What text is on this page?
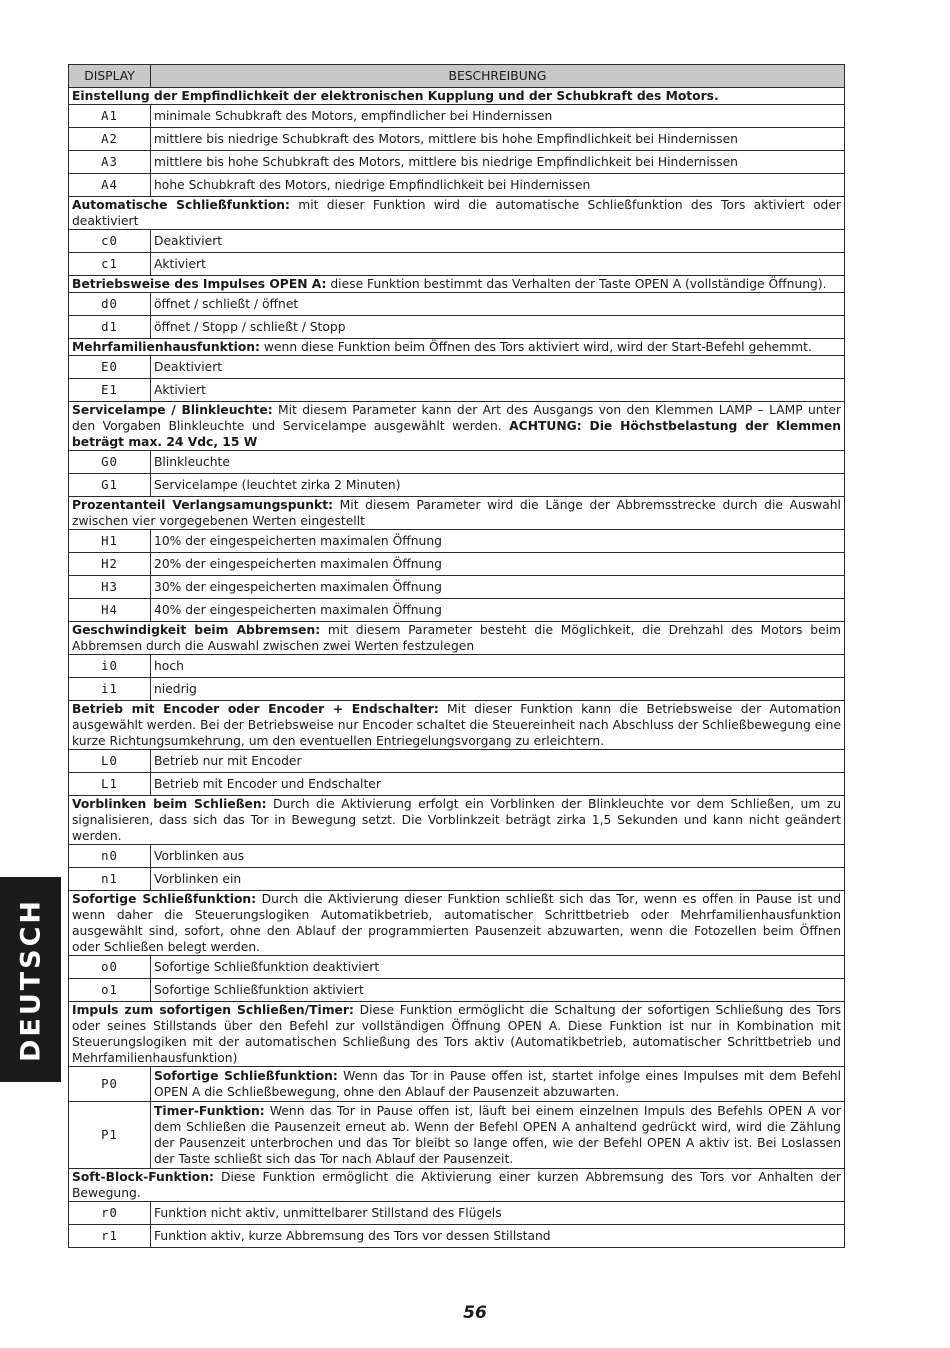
DEUTSCH
DISPLAY	BESCHREIBUNG
Einstellung der Empfindlichkeit der elektronischen Kupplung und der Schubkraft des Motors.	
A1	minimale Schubkraft des Motors, empfindlicher bei Hindernissen
A2	mittlere bis niedrige Schubkraft des Motors, mittlere bis hohe Empfindlichkeit bei Hindernissen
A3	mittlere bis hohe Schubkraft des Motors, mittlere bis niedrige Empfindlichkeit bei Hindernissen
A4	hohe Schubkraft des Motors, niedrige Empfindlichkeit bei Hindernissen
Automatische Schließfunktion: mit dieser Funktion wird die automatische Schließfunktion des Tors aktiviert oder deaktiviert	
c0	Deaktiviert
c1	Aktiviert
Betriebsweise des Impulses OPEN A: diese Funktion bestimmt das Verhalten der Taste OPEN A (vollständige Öffnung).	
d0	öffnet / schließt / öffnet
d1	öffnet / Stopp / schließt / Stopp
Mehrfamilienhausfunktion: wenn diese Funktion beim Öffnen des Tors aktiviert wird, wird der Start-Befehl gehemmt.	
E0	Deaktiviert
E1	Aktiviert
Servicelampe / Blinkleuchte: Mit diesem Parameter kann der Art des Ausgangs von den Klemmen LAMP – LAMP unter den Vorgaben Blinkleuchte und Servicelampe ausgewählt werden. ACHTUNG: Die Höchstbelastung der Klemmen beträgt max. 24 Vdc, 15 W	
G0	Blinkleuchte
G1	Servicelampe (leuchtet zirka 2 Minuten)
Prozentanteil Verlangsamungspunkt: Mit diesem Parameter wird die Länge der Abbremsstrecke durch die Auswahl zwischen vier vorgegebenen Werten eingestellt	
H1	10% der eingespeicherten maximalen Öffnung
H2	20% der eingespeicherten maximalen Öffnung
H3	30% der eingespeicherten maximalen Öffnung
H4	40% der eingespeicherten maximalen Öffnung
Geschwindigkeit beim Abbremsen: mit diesem Parameter besteht die Möglichkeit, die Drehzahl des Motors beim Abbremsen durch die Auswahl zwischen zwei Werten festzulegen	
i0	hoch
i1	niedrig
Betrieb mit Encoder oder Encoder + Endschalter: Mit dieser Funktion kann die Betriebsweise der Automation ausgewählt werden. Bei der Betriebsweise nur Encoder schaltet die Steuereinheit nach Abschluss der Schließbewegung eine kurze Richtungsumkehrung, um den eventuellen Entriegelungsvorgang zu erleichtern.	
L0	Betrieb nur mit Encoder
L1	Betrieb mit Encoder und Endschalter
Vorblinken beim Schließen: Durch die Aktivierung erfolgt ein Vorblinken der Blinkleuchte vor dem Schließen, um zu signalisieren, dass sich das Tor in Bewegung setzt. Die Vorblinkzeit beträgt zirka 1,5 Sekunden und kann nicht geändert werden.	
n0	Vorblinken aus
n1	Vorblinken ein
Sofortige Schließfunktion: Durch die Aktivierung dieser Funktion schließt sich das Tor, wenn es offen in Pause ist und wenn daher die Steuerungslogiken Automatikbetrieb, automatischer Schrittbetrieb oder Mehrfamilienhausfunktion ausgewählt sind, sofort, ohne den Ablauf der programmierten Pausenzeit abzuwarten, wenn die Fotozellen beim Öffnen oder Schließen belegt werden.	
o0	Sofortige Schließfunktion deaktiviert
o1	Sofortige Schließfunktion aktiviert
Impuls zum sofortigen Schließen/Timer: Diese Funktion ermöglicht die Schaltung der sofortigen Schließung des Tors oder seines Stillstands über den Befehl zur vollständigen Öffnung OPEN A. Diese Funktion ist nur in Kombination mit Steuerungslogiken mit der automatischen Schließung des Tors aktiv (Automatikbetrieb, automatischer Schrittbetrieb und Mehrfamilienhausfunktion)	
P0	Sofortige Schließfunktion: Wenn das Tor in Pause offen ist, startet infolge eines Impulses mit dem Befehl OPEN A die Schließbewegung, ohne den Ablauf der Pausenzeit abzuwarten.
P1	Timer-Funktion: Wenn das Tor in Pause offen ist, läuft bei einem einzelnen Impuls des Befehls OPEN A vor dem Schließen die Pausenzeit erneut ab. Wenn der Befehl OPEN A anhaltend gedrückt wird, wird die Zählung der Pausenzeit unterbrochen und das Tor bleibt so lange offen, wie der Befehl OPEN A aktiv ist. Bei Loslassen der Taste schließt sich das Tor nach Ablauf der Pausenzeit.
Soft-Block-Funktion: Diese Funktion ermöglicht die Aktivierung einer kurzen Abbremsung des Tors vor Anhalten der Bewegung.	
r0	Funktion nicht aktiv, unmittelbarer Stillstand des Flügels
r1	Funktion aktiv, kurze Abbremsung des Tors vor dessen Stillstand
56
